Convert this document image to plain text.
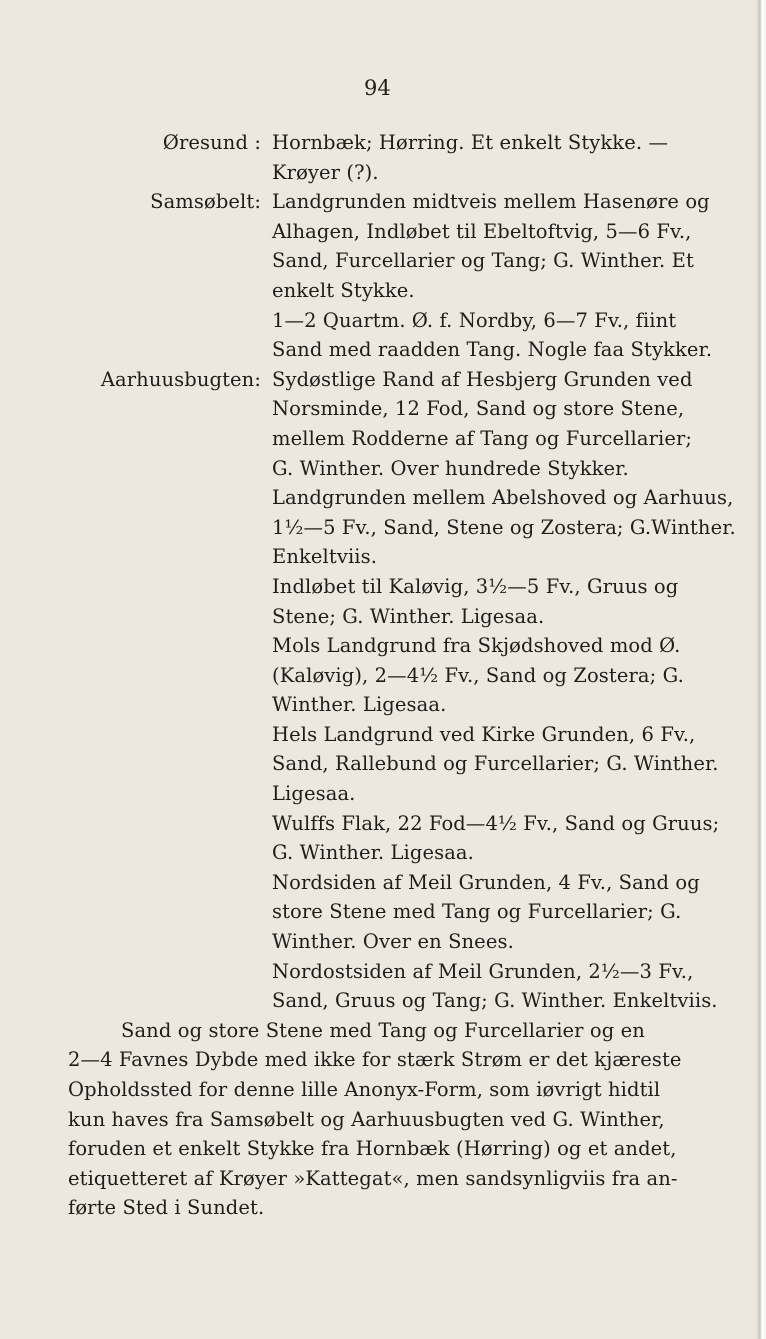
94
Øresund : Hornbæk; Hørring. Et enkelt Stykke. —
Krøyer (?).
Samsøbelt: Landgrunden midtveis mellem Hasenøre og
Alhagen, Indløbet til Ebeltoftvig, 5—6 Fv.,
Sand, Furcellarier og Tang; G. Winther. Et
enkelt Stykke.
1—2 Quartm. Ø. f. Nordby, 6—7 Fv., fiint
Sand med raadden Tang. Nogle faa Stykker.
Aarhuusbugten: Sydøstlige Rand af Hesbjerg Grunden ved
Norsminde, 12 Fod, Sand og store Stene,
mellem Rodderne af Tang og Furcellarier;
G. Winther. Over hundrede Stykker.
Landgrunden mellem Abelshoved og Aarhuus,
1½—5 Fv., Sand, Stene og Zostera; G.Winther.
Enkeltviis.
Indløbet til Kaløvig, 3½—5 Fv., Gruus og
Stene; G. Winther. Ligesaa.
Mols Landgrund fra Skjødshoved mod Ø.
(Kaløvig), 2—4½ Fv., Sand og Zostera; G.
Winther. Ligesaa.
Hels Landgrund ved Kirke Grunden, 6 Fv.,
Sand, Rallebund og Furcellarier; G. Winther.
Ligesaa.
Wulffs Flak, 22 Fod—4½ Fv., Sand og Gruus;
G. Winther. Ligesaa.
Nordsiden af Meil Grunden, 4 Fv., Sand og
store Stene med Tang og Furcellarier; G.
Winther. Over en Snees.
Nordostsiden af Meil Grunden, 2½—3 Fv.,
Sand, Gruus og Tang; G. Winther. Enkeltviis.
Sand og store Stene med Tang og Furcellarier og en
2—4 Favnes Dybde med ikke for stærk Strøm er det kjæreste
Opholdssted for denne lille Anonyx-Form, som iøvrigt hidtil
kun haves fra Samsøbelt og Aarhuusbugten ved G. Winther,
foruden et enkelt Stykke fra Hornbæk (Hørring) og et andet,
etiquetteret af Krøyer »Kattegat«, men sandsynligviis fra an-
førte Sted i Sundet.
